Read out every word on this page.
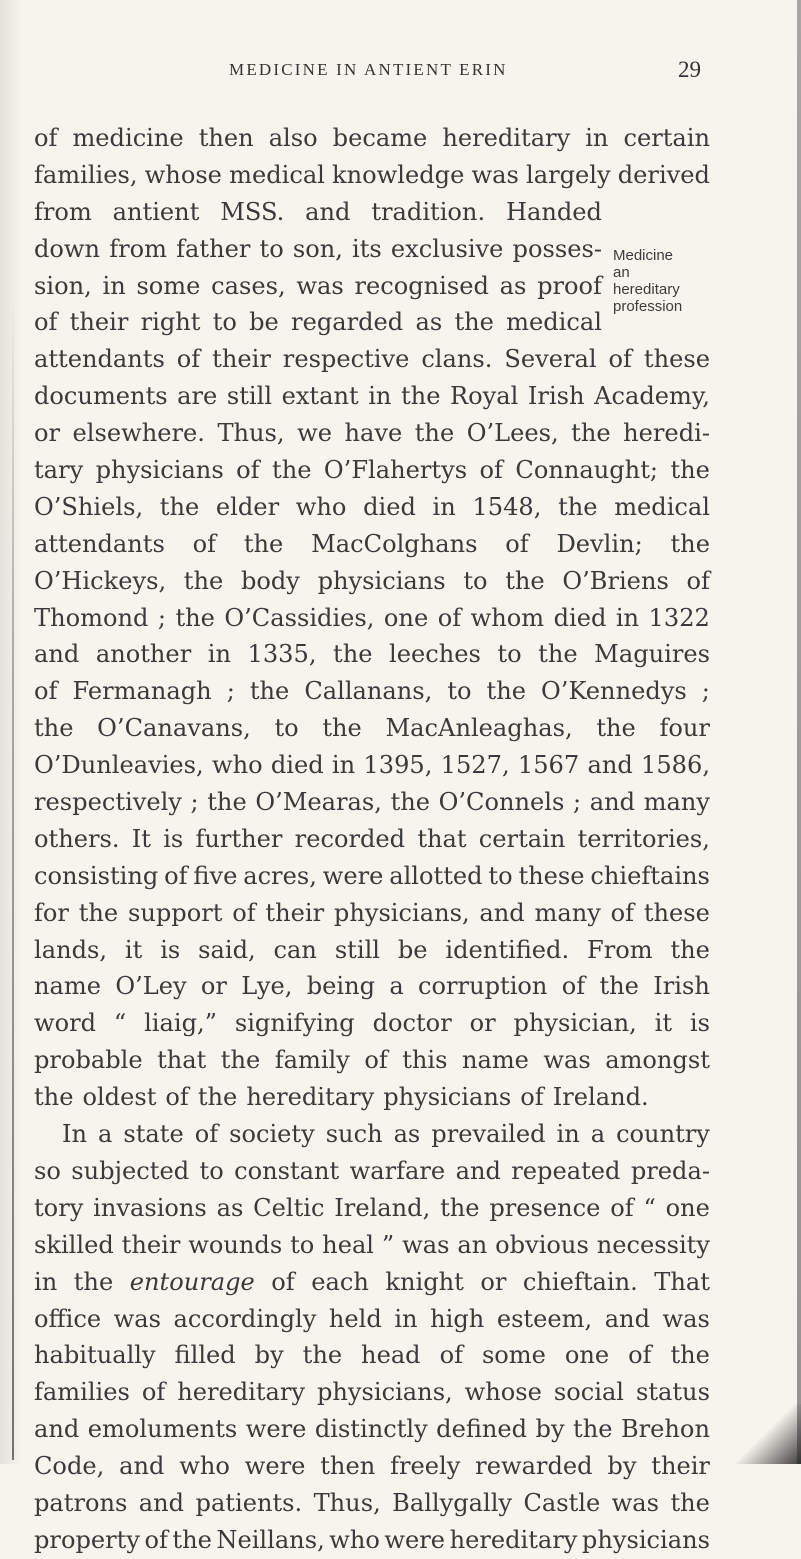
MEDICINE IN ANTIENT ERIN	29
Medicine
an
hereditary
profession
of medicine then also became hereditary in certain
families, whose medical knowledge was largely derived
from antient MSS. and tradition. Handed
down from father to son, its exclusive posses-
sion, in some cases, was recognised as proof
of their right to be regarded as the medical
attendants of their respective clans. Several of these
documents are still extant in the Royal Irish Academy,
or elsewhere. Thus, we have the O’Lees, the heredi-
tary physicians of the O’Flahertys of Connaught; the
O’Shiels, the elder who died in 1548, the medical
attendants of the MacColghans of Devlin; the
O’Hickeys, the body physicians to the O’Briens of
Thomond ; the O’Cassidies, one of whom died in 1322
and another in 1335, the leeches to the Maguires
of Fermanagh ; the Callanans, to the O’Kennedys ;
the O’Canavans, to the MacAnleaghas, the four
O’Dunleavies, who died in 1395, 1527, 1567 and 1586,
respectively ; the O’Mearas, the O’Connels ; and many
others. It is further recorded that certain territories,
consisting of five acres, were allotted to these chieftains
for the support of their physicians, and many of these
lands, it is said, can still be identified. From the
name O’Ley or Lye, being a corruption of the Irish
word “ liaig,” signifying doctor or physician, it is
probable that the family of this name was amongst
the oldest of the hereditary physicians of Ireland.
In a state of society such as prevailed in a country
so subjected to constant warfare and repeated preda-
tory invasions as Celtic Ireland, the presence of “ one
skilled their wounds to heal ” was an obvious necessity
in the entourage of each knight or chieftain. That
office was accordingly held in high esteem, and was
habitually filled by the head of some one of the
families of hereditary physicians, whose social status
and emoluments were distinctly defined by the Brehon
Code, and who were then freely rewarded by their
patrons and patients. Thus, Ballygally Castle was the
property of the Neillans, who were hereditary physicians
